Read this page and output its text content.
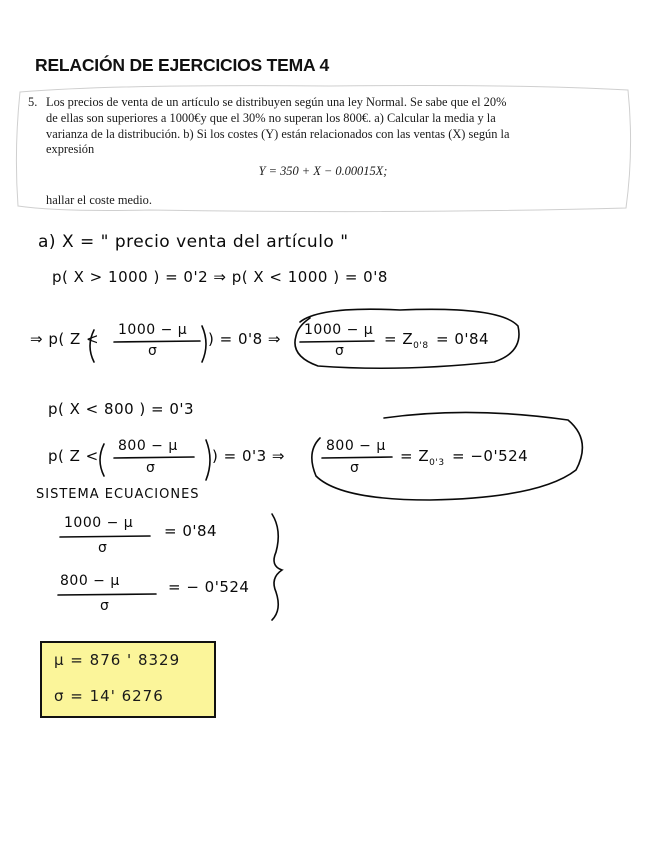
RELACIÓN DE EJERCICIOS TEMA 4
5. Los precios de venta de un artículo se distribuyen según una ley Normal. Se sabe que el 20%
de ellas son superiores a 1000€y que el 30% no superan los 800€. a) Calcular la media y la
varianza de la distribución. b) Si los costes (Y) están relacionados con las ventas (X) según la
expresión
Y = 350 + X − 0.00015X;
hallar el coste medio.
a) X = " precio venta del artículo "
p( X > 1000 ) = 0'2 ⇒ p( X < 1000 ) = 0'8
⇒ p( Z < 1000 − μ
σ
) = 0'8 ⇒ 1000 − μ
σ
= $Z_{0'8} = 0'84$
p( X < 800 ) = 0'3
p( Z <
800 − μ
σ
) = 0'3 ⇒
800 − μ
σ
= $Z_{0'3} = -0'524$
SISTEMA ECUACIONES
1000 − μ
σ
= 0'84
800 − μ
σ
= − 0'524
μ = 876 ' 8329
σ = 14' 6276
